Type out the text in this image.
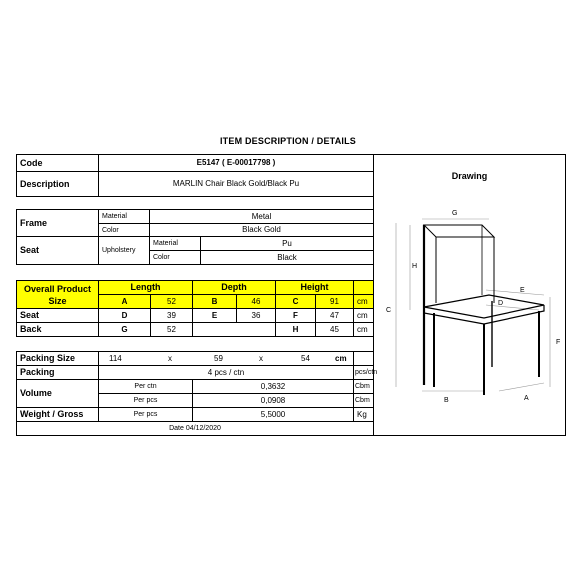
ITEM DESCRIPTION / DETAILS
Code	E5147 ( E-00017798 )
Description	MARLIN Chair Black Gold/Black Pu
Frame
Material	Metal
Color	Black Gold
Seat	Upholstery
Material	Pu
Color	Black
Overall Product Size
Length	Depth	Height
A	52	B	46	C	91	cm
Seat	D	39	E	36	F	47	cm
Back	G	52	H	45	cm
Packing Size	114	x	59	x	54	cm
Packing	4 pcs / ctn	pcs/ctn
Volume
Per ctn	0,3632	Cbm
Per pcs	0,0908	Cbm
Weight / Gross	Per pcs	5,5000	Kg
Date 04/12/2020
Drawing
G
H
C
E
D
F
B	A
